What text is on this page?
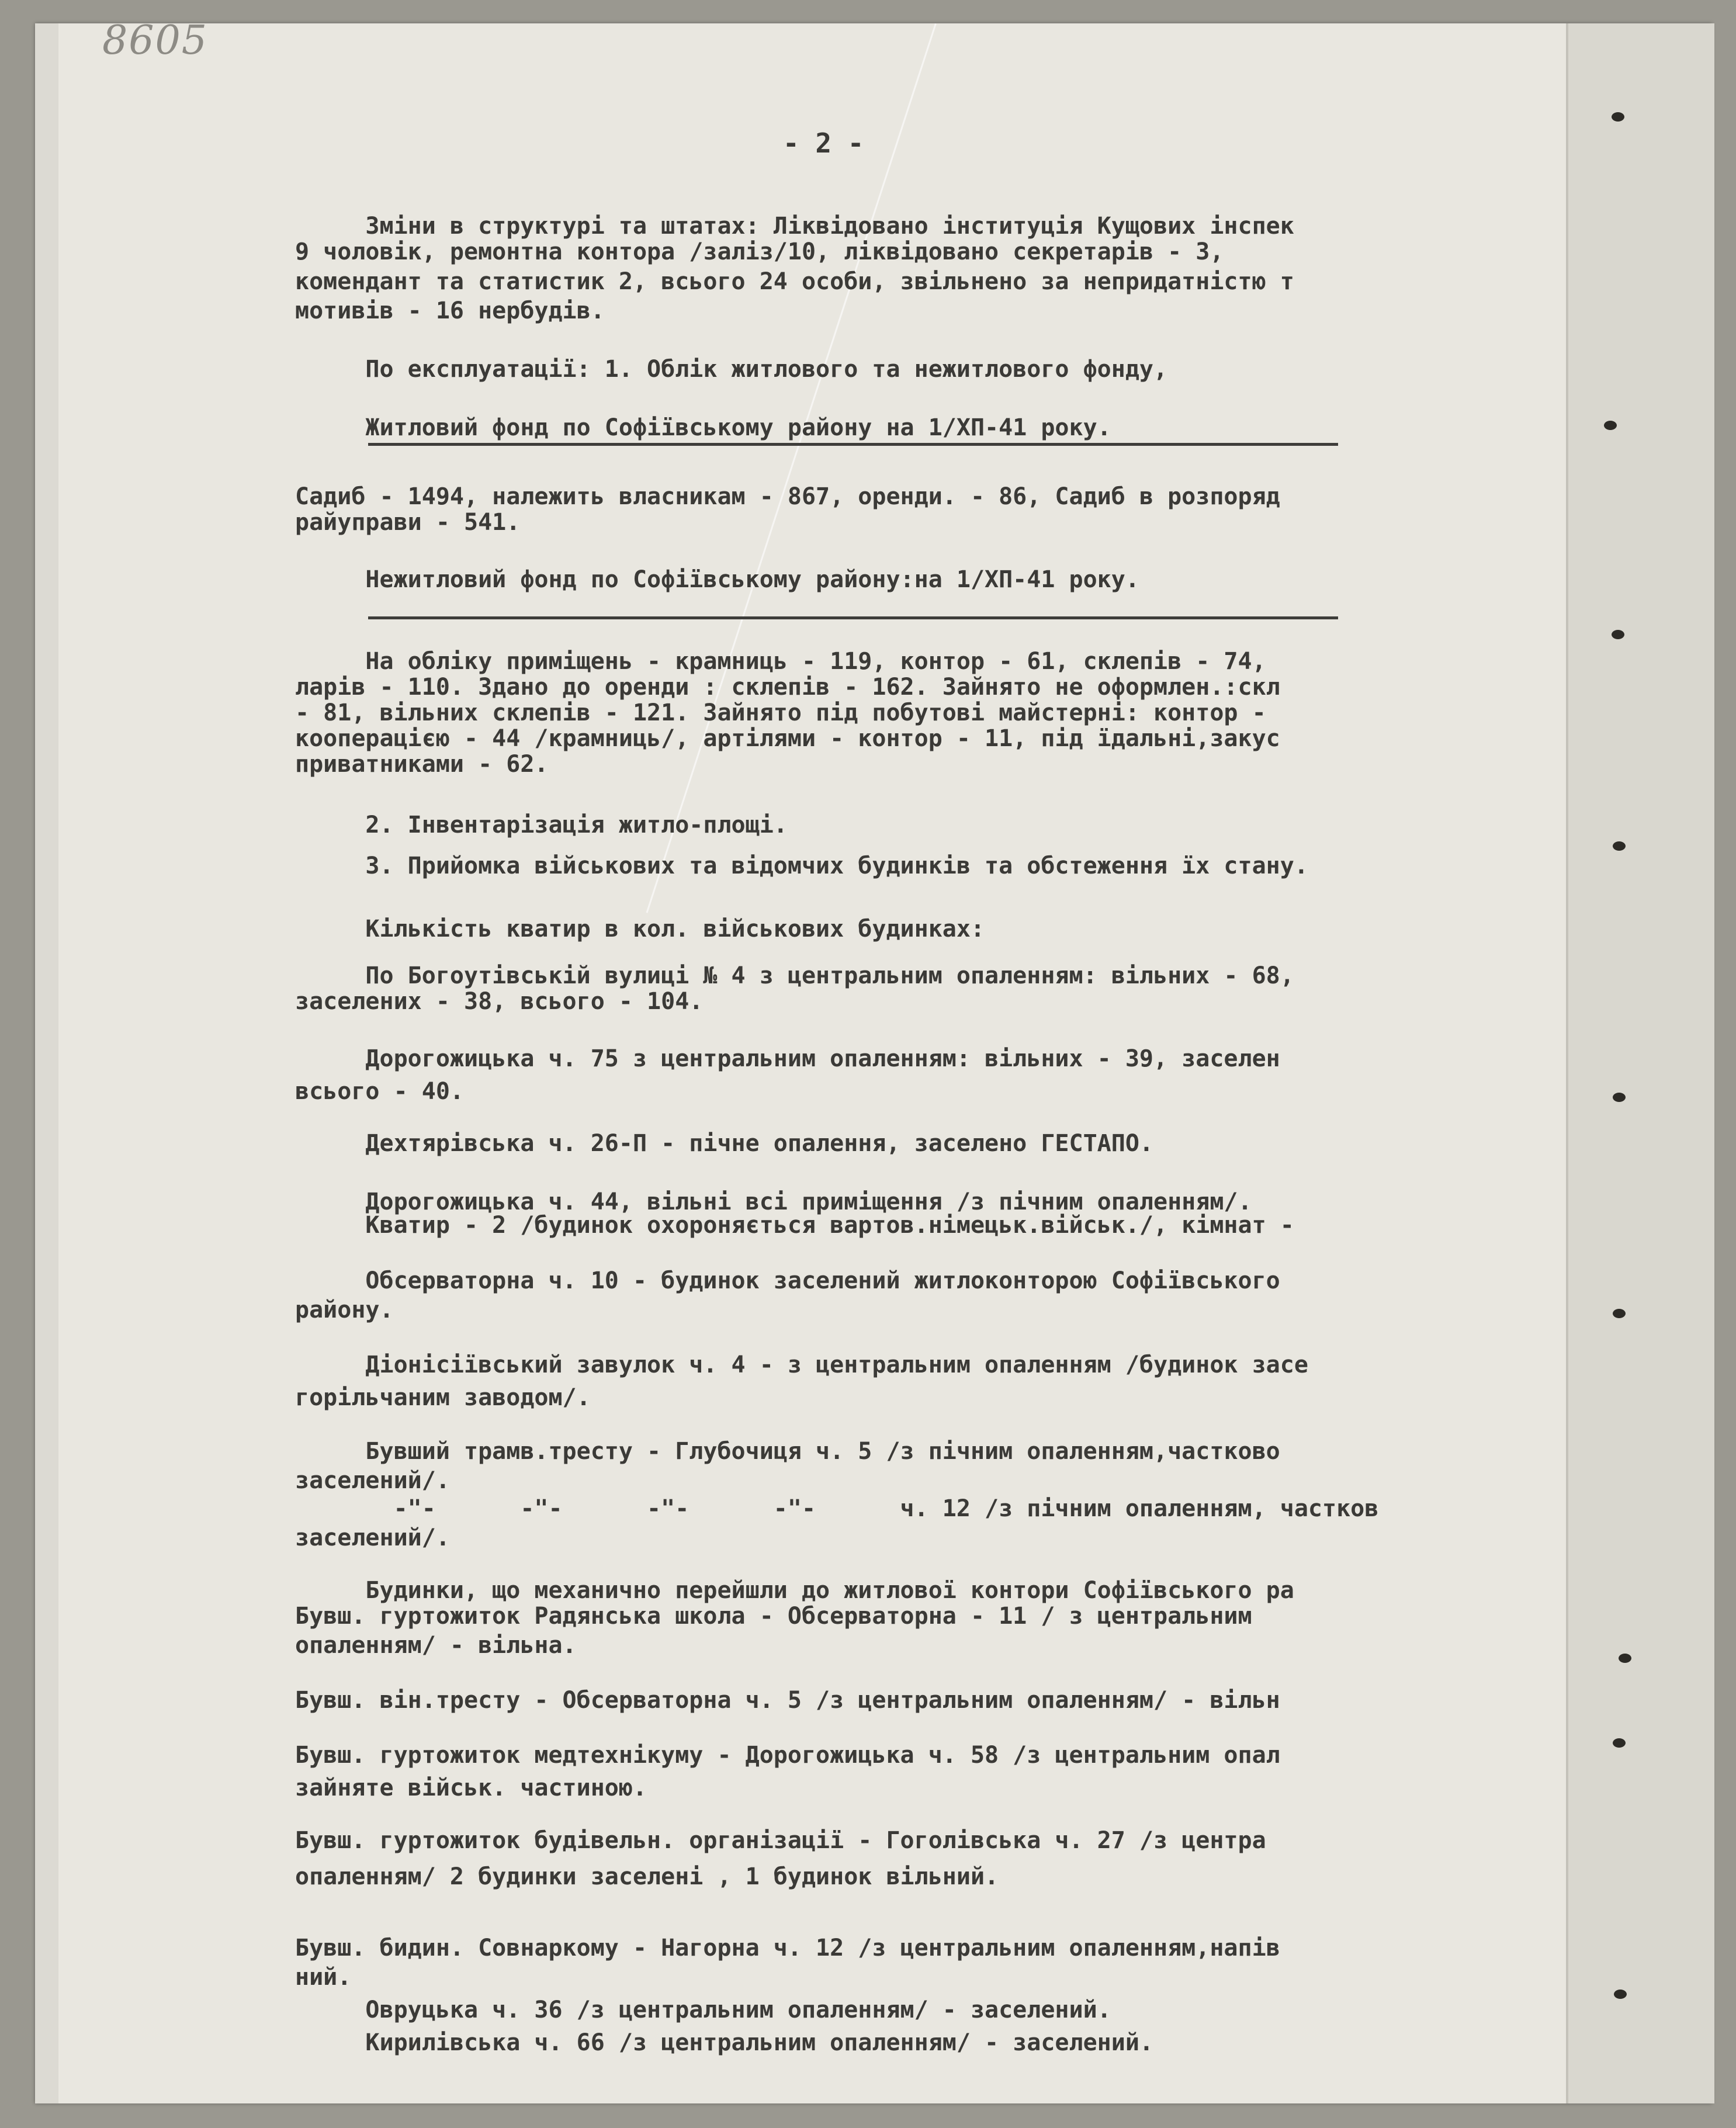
8605
- 2 -
Зміни в структурі та штатах: Ліквідовано інституція Кущових інспек
9 чоловік, ремонтна контора /заліз/10, ліквідовано секретарів - 3,
комендант та статистик 2, всього 24 особи, звільнено за непридатністю т
мотивів - 16 нербудів.
По експлуатації: 1. Облік житлового та нежитлового фонду,
Житловий фонд по Софіївському району на 1/ХП-41 року.
Садиб - 1494, належить власникам - 867, оренди. - 86, Садиб в розпоряд
райуправи - 541.
Нежитловий фонд по Софіївському району:на 1/ХП-41 року.
На обліку приміщень - крамниць - 119, контор - 61, склепів - 74,
ларів - 110. Здано до оренди : склепів - 162. Зайнято не оформлен.:скл
- 81, вільних склепів - 121. Зайнято під побутові майстерні: контор -
кооперацією - 44 /крамниць/, артілями - контор - 11, під їдальні,закус
приватниками - 62.
2. Інвентарізація житло-площі.
3. Прийомка військових та відомчих будинків та обстеження їх стану.
Кількість кватир в кол. військових будинках:
По Богоутівській вулиці № 4 з центральним опаленням: вільних - 68,
заселених - 38, всього - 104.
Дорогожицька ч. 75 з центральним опаленням: вільних - 39, заселен
всього - 40.
Дехтярівська ч. 26-П - пічне опалення, заселено ГЕСТАПО.
Дорогожицька ч. 44, вільні всі приміщення /з пічним опаленням/.
Кватир - 2 /будинок охороняється вартов.німецьк.військ./, кімнат -
Обсерваторна ч. 10 - будинок заселений житлоконторою Софіївського
району.
Діонісіївський завулок ч. 4 - з центральним опаленням /будинок засе
горільчаним заводом/.
Бувший трамв.тресту - Глубочиця ч. 5 /з пічним опаленням,частково
заселений/.
-"-      -"-      -"-      -"-      ч. 12 /з пічним опаленням, частков
заселений/.
Будинки, що механично перейшли до житлової контори Софіївського ра
Бувш. гуртожиток Радянська школа - Обсерваторна - 11 / з центральним
опаленням/ - вільна.
Бувш. він.тресту - Обсерваторна ч. 5 /з центральним опаленням/ - вільн
Бувш. гуртожиток медтехнікуму - Дорогожицька ч. 58 /з центральним опал
зайняте військ. частиною.
Бувш. гуртожиток будівельн. організації - Гоголівська ч. 27 /з центра
опаленням/ 2 будинки заселені , 1 будинок вільний.
Бувш. бидин. Совнаркому - Нагорна ч. 12 /з центральним опаленням,напів
ний.
Овруцька ч. 36 /з центральним опаленням/ - заселений.
Кирилівська ч. 66 /з центральним опаленням/ - заселений.
